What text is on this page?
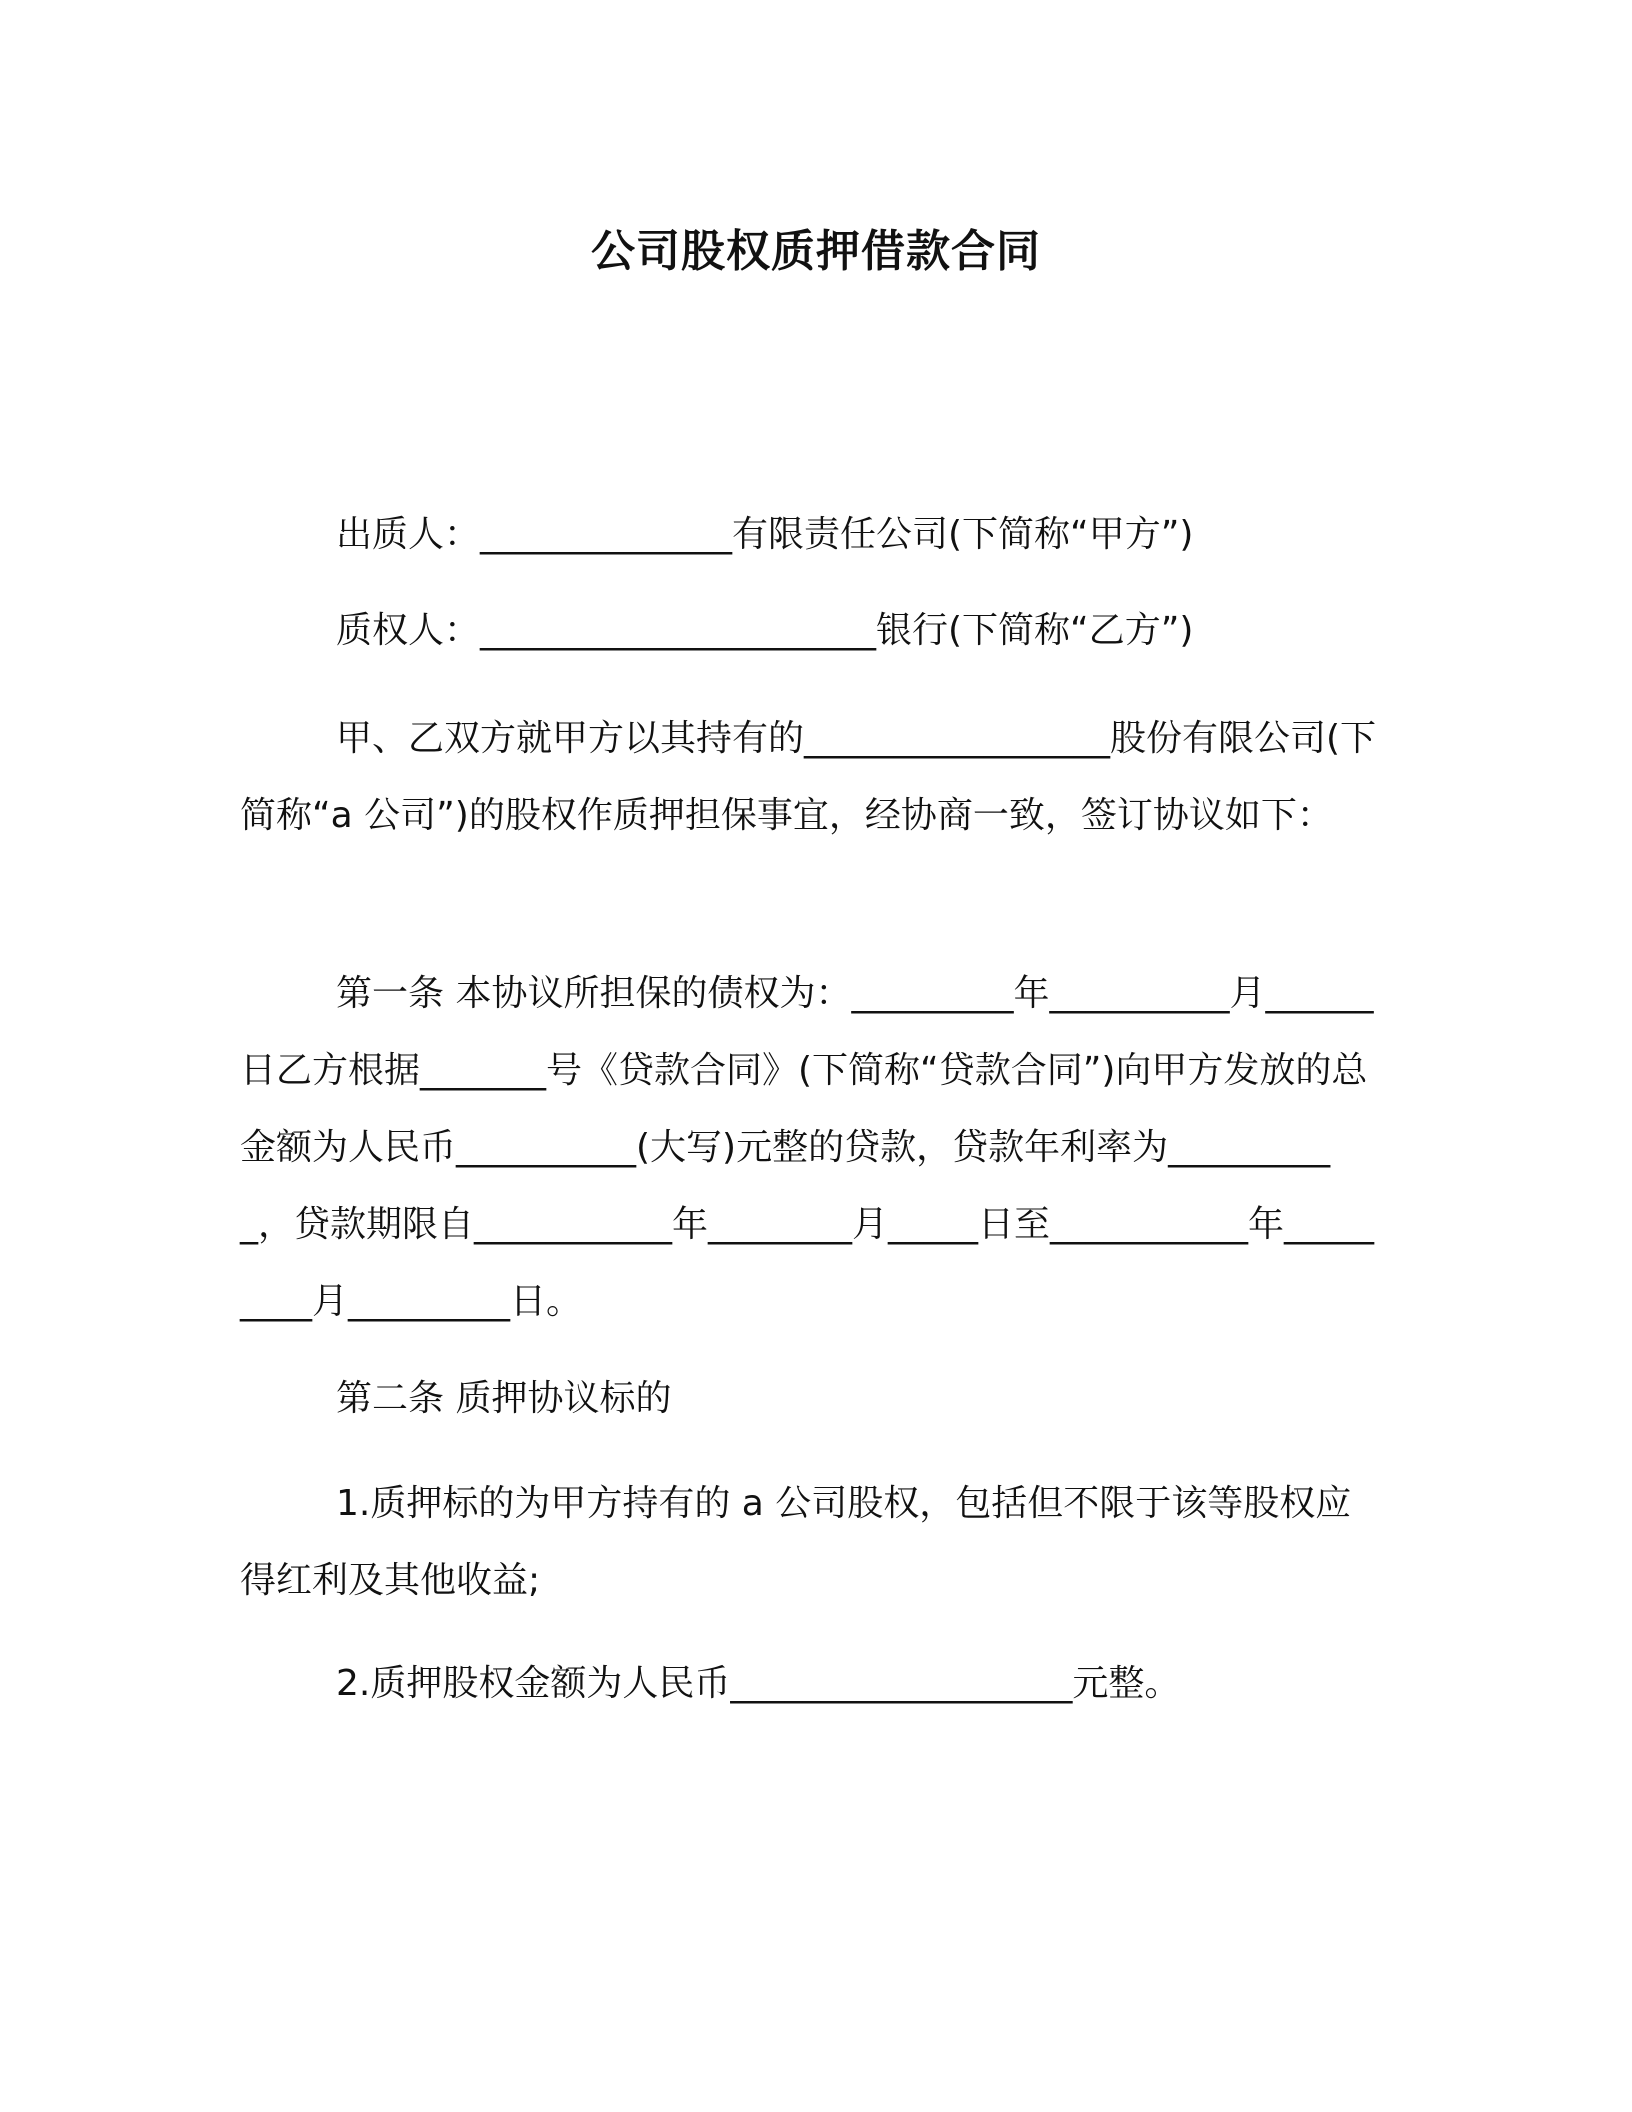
公司股权质押借款合同

出质人：______________有限责任公司(下简称“甲方”)

质权人：______________________银行(下简称“乙方”)

甲、乙双方就甲方以其持有的_________________股份有限公司(下简称“a 公司”)的股权作质押担保事宜，经协商一致，签订协议如下：

第一条 本协议所担保的债权为：_________年__________月______日乙方根据_______号《贷款合同》(下简称“贷款合同”)向甲方发放的总金额为人民币__________(大写)元整的贷款，贷款年利率为__________，贷款期限自___________年________月_____日至___________年_________月_________日。

第二条 质押协议标的

1.质押标的为甲方持有的 a 公司股权，包括但不限于该等股权应得红利及其他收益;

2.质押股权金额为人民币___________________元整。
